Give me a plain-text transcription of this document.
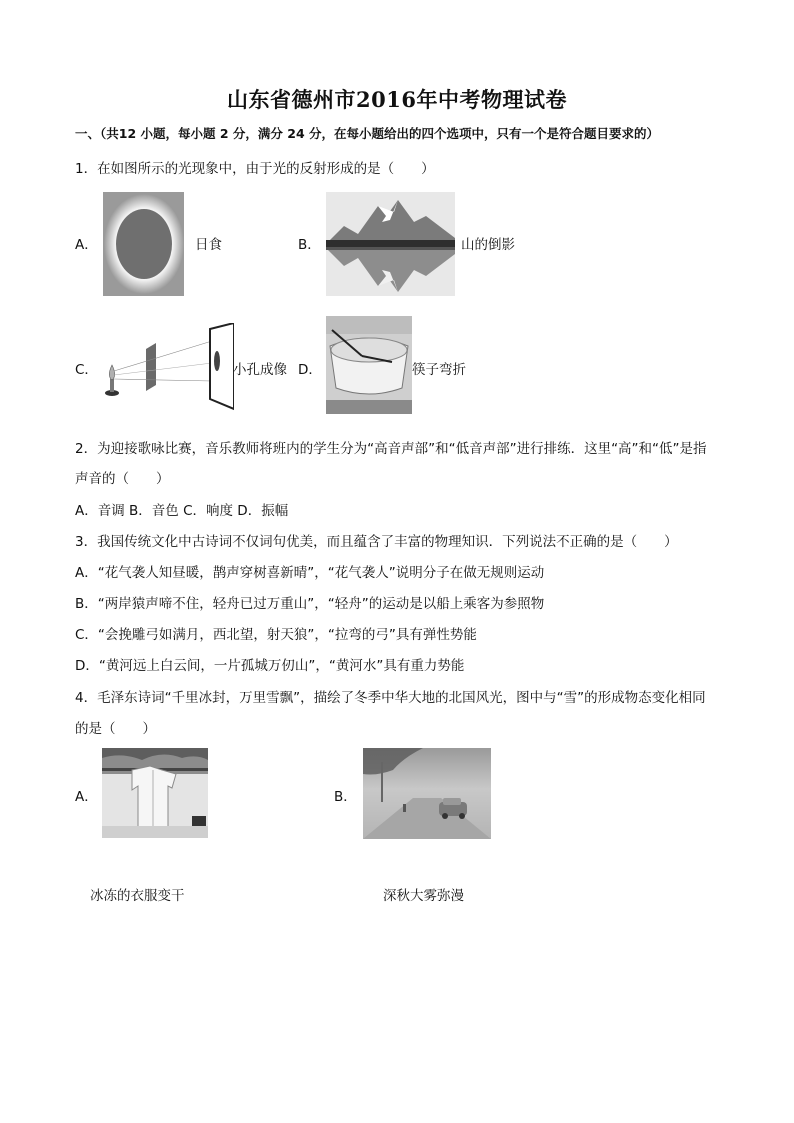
山东省德州市2016年中考物理试卷
一、（共12 小题，每小题 2 分，满分 24 分，在每小题给出的四个选项中，只有一个是符合题目要求的）
1．在如图所示的光现象中，由于光的反射形成的是（　　）
A．	日食	B．	山的倒影
C．	小孔成像 D．	筷子弯折
2．为迎接歌咏比赛，音乐教师将班内的学生分为“高音声部”和“低音声部”进行排练．这里“高”和“低”是指
声音的（　　）
A．音调 B．音色 C．响度 D．振幅
3．我国传统文化中古诗词不仅词句优美，而且蕴含了丰富的物理知识．下列说法不正确的是（　　）
A．“花气袭人知昼暖，鹊声穿树喜新晴”，“花气袭人”说明分子在做无规则运动
B．“两岸猿声啼不住，轻舟已过万重山”，“轻舟”的运动是以船上乘客为参照物
C．“会挽雕弓如满月，西北望，射天狼”，“拉弯的弓”具有弹性势能
D．“黄河远上白云间，一片孤城万仞山”，“黄河水”具有重力势能
4．毛泽东诗词“千里冰封，万里雪飘”，描绘了冬季中华大地的北国风光，图中与“雪”的形成物态变化相同
的是（　　）
A．
冰冻的衣服变干
B．
深秋大雾弥漫
